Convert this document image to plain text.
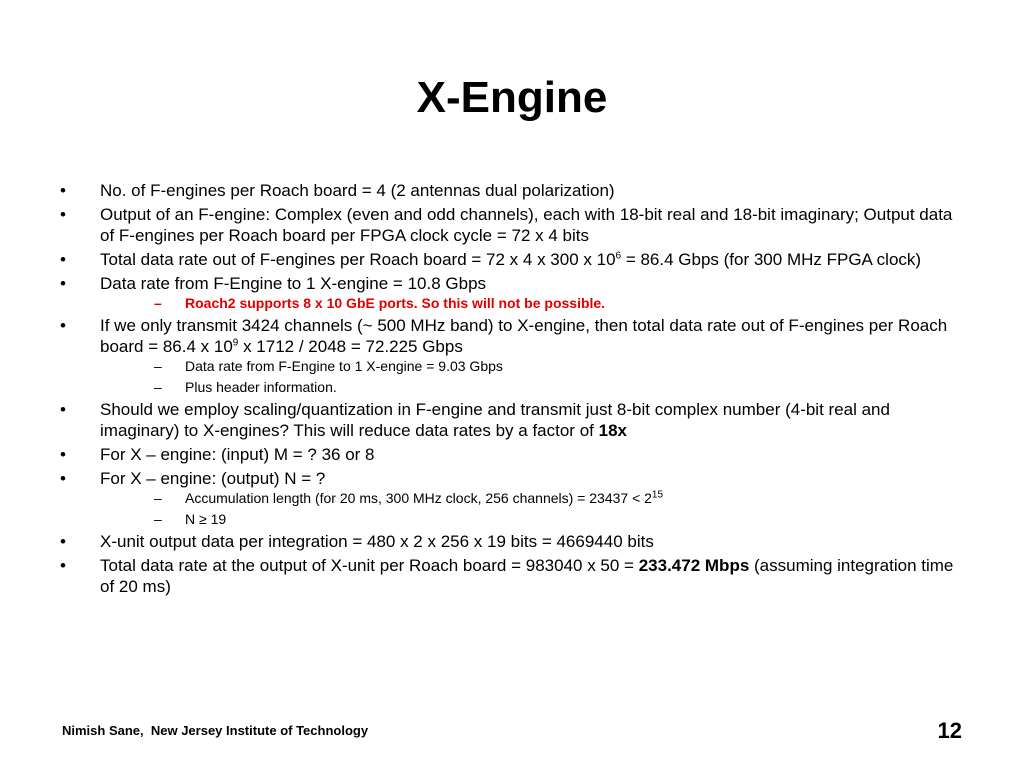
X-Engine
• No. of F-engines per Roach board = 4 (2 antennas dual polarization)
• Output of an F-engine: Complex (even and odd channels), each with 18-bit real and 18-bit imaginary; Output data of F-engines per Roach board per FPGA clock cycle = 72 x 4 bits
• Total data rate out of F-engines per Roach board = 72 x 4 x 300 x $10^6 = 86.4$ Gbps (for 300 MHz FPGA clock)
• Data rate from F-Engine to 1 X-engine = 10.8 Gbps
– Roach2 supports 8 x 10 GbE ports. So this will not be possible.
• If we only transmit 3424 channels (~ 500 MHz band) to X-engine, then total data rate out of F-engines per Roach board = 86.4 x $10^9$ x 1712 / 2048 = 72.225 Gbps
– Data rate from F-Engine to 1 X-engine = 9.03 Gbps
– Plus header information.
• Should we employ scaling/quantization in F-engine and transmit just 8-bit complex number (4-bit real and imaginary) to X-engines? This will reduce data rates by a factor of 18x
• For X – engine: (input) M = ? 36 or 8
• For X – engine: (output) N = ?
– Accumulation length (for 20 ms, 300 MHz clock, 256 channels) = $23437 < 2^{15}$
– N ≥ 19
• X-unit output data per integration = 480 x 2 x 256 x 19 bits = 4669440 bits
• Total data rate at the output of X-unit per Roach board = 983040 x 50 = 233.472 Mbps (assuming integration time of 20 ms)
Nimish Sane,  New Jersey Institute of Technology	12
